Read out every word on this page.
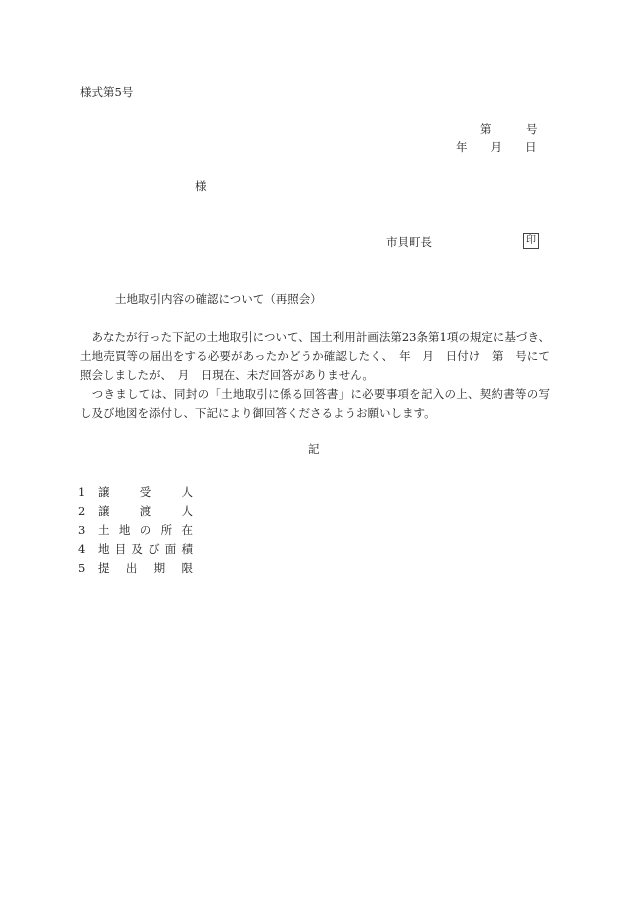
様式第5号
第　　　号
年　　月　　日
様
市貝町長	印
土地取引内容の確認について（再照会）

　あなたが行った下記の土地取引について、国土利用計画法第23条第1項の規定に基づき、土地売買等の届出をする必要があったかどうか確認したく、　年　月　日付け　第　号にて照会しましたが、　月　日現在、未だ回答がありません。

　つきましては、同封の「土地取引に係る回答書」に必要事項を記入の上、契約書等の写し及び地図を添付し、下記により御回答くださるようお願いします。

記
1	譲	受	人
2	譲	渡	人
3	土 地 の 所 在
4	地 目 及 び 面 積
5	提 出 期 限
